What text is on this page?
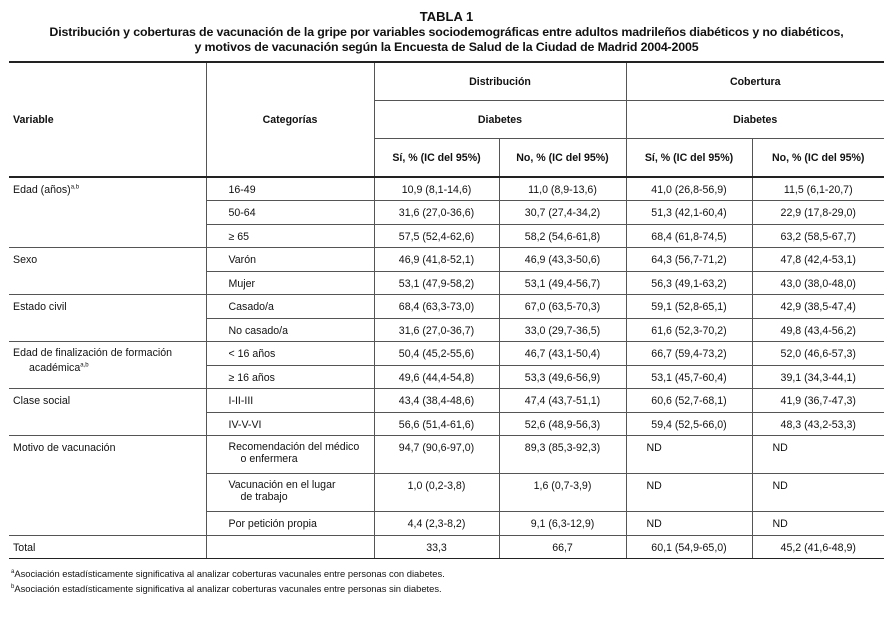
TABLA 1
Distribución y coberturas de vacunación de la gripe por variables sociodemográficas entre adultos madrileños diabéticos y no diabéticos,
y motivos de vacunación según la Encuesta de Salud de la Ciudad de Madrid 2004-2005
Variable	Categorías	Distribución		Cobertura	
		Diabetes		Diabetes	
		Sí, % (IC del 95%)	No, % (IC del 95%)	Sí, % (IC del 95%)	No, % (IC del 95%)
Edad (años)$^{a,b}$	16-49	10,9 (8,1-14,6)	11,0 (8,9-13,6)	41,0 (26,8-56,9)	11,5 (6,1-20,7)
	50-64	31,6 (27,0-36,6)	30,7 (27,4-34,2)	51,3 (42,1-60,4)	22,9 (17,8-29,0)
	≥ 65	57,5 (52,4-62,6)	58,2 (54,6-61,8)	68,4 (61,8-74,5)	63,2 (58,5-67,7)
Sexo	Varón	46,9 (41,8-52,1)	46,9 (43,3-50,6)	64,3 (56,7-71,2)	47,8 (42,4-53,1)
	Mujer	53,1 (47,9-58,2)	53,1 (49,4-56,7)	56,3 (49,1-63,2)	43,0 (38,0-48,0)
Estado civil	Casado/a	68,4 (63,3-73,0)	67,0 (63,5-70,3)	59,1 (52,8-65,1)	42,9 (38,5-47,4)
	No casado/a	31,6 (27,0-36,7)	33,0 (29,7-36,5)	61,6 (52,3-70,2)	49,8 (43,4-56,2)
Edad de finalización de formación
académica$^{a,b}$	< 16 años	50,4 (45,2-55,6)	46,7 (43,1-50,4)	66,7 (59,4-73,2)	52,0 (46,6-57,3)
	≥ 16 años	49,6 (44,4-54,8)	53,3 (49,6-56,9)	53,1 (45,7-60,4)	39,1 (34,3-44,1)
Clase social	I-II-III	43,4 (38,4-48,6)	47,4 (43,7-51,1)	60,6 (52,7-68,1)	41,9 (36,7-47,3)
	IV-V-VI	56,6 (51,4-61,6)	52,6 (48,9-56,3)	59,4 (52,5-66,0)	48,3 (43,2-53,3)
Motivo de vacunación	Recomendación del médico
o enfermera	94,7 (90,6-97,0)	89,3 (85,3-92,3)	ND	ND
	Vacunación en el lugar
de trabajo	1,0 (0,2-3,8)	1,6 (0,7-3,9)	ND	ND
	Por petición propia	4,4 (2,3-8,2)	9,1 (6,3-12,9)	ND	ND
Total		33,3	66,7	60,1 (54,9-65,0)	45,2 (41,6-48,9)
$^a$Asociación estadísticamente significativa al analizar coberturas vacunales entre personas con diabetes.
$^b$Asociación estadísticamente significativa al analizar coberturas vacunales entre personas sin diabetes.
